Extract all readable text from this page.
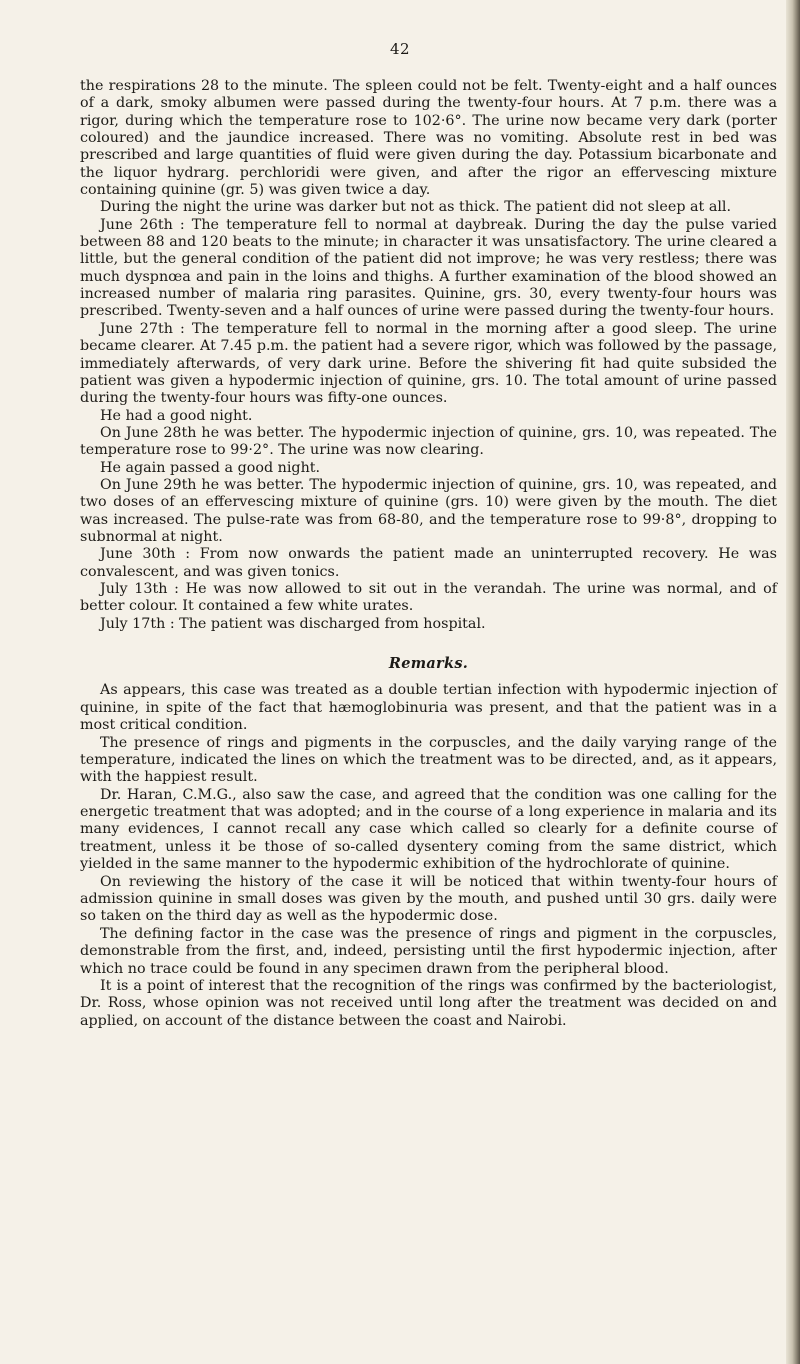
42

the respirations 28 to the minute. The spleen could not be felt. Twenty-eight and a half ounces of a dark, smoky albumen were passed during the twenty-four hours. At 7 p.m. there was a rigor, during which the temperature rose to 102·6°. The urine now became very dark (porter coloured) and the jaundice increased. There was no vomiting. Absolute rest in bed was prescribed and large quantities of fluid were given during the day. Potassium bicarbonate and the liquor hydrarg. perchloridi were given, and after the rigor an effervescing mixture containing quinine (gr. 5) was given twice a day.

During the night the urine was darker but not as thick. The patient did not sleep at all.

June 26th : The temperature fell to normal at daybreak. During the day the pulse varied between 88 and 120 beats to the minute; in character it was unsatisfactory. The urine cleared a little, but the general condition of the patient did not improve; he was very restless; there was much dyspnœa and pain in the loins and thighs. A further examination of the blood showed an increased number of malaria ring parasites. Quinine, grs. 30, every twenty-four hours was prescribed. Twenty-seven and a half ounces of urine were passed during the twenty-four hours.

June 27th : The temperature fell to normal in the morning after a good sleep. The urine became clearer. At 7.45 p.m. the patient had a severe rigor, which was followed by the passage, immediately afterwards, of very dark urine. Before the shivering fit had quite subsided the patient was given a hypodermic injection of quinine, grs. 10. The total amount of urine passed during the twenty-four hours was fifty-one ounces.

He had a good night.

On June 28th he was better. The hypodermic injection of quinine, grs. 10, was repeated. The temperature rose to 99·2°. The urine was now clearing.

He again passed a good night.

On June 29th he was better. The hypodermic injection of quinine, grs. 10, was repeated, and two doses of an effervescing mixture of quinine (grs. 10) were given by the mouth. The diet was increased. The pulse-rate was from 68-80, and the temperature rose to 99·8°, dropping to subnormal at night.

June 30th : From now onwards the patient made an uninterrupted recovery. He was convalescent, and was given tonics.

July 13th : He was now allowed to sit out in the verandah. The urine was normal, and of better colour. It contained a few white urates.

July 17th : The patient was discharged from hospital.

Remarks.

As appears, this case was treated as a double tertian infection with hypodermic injection of quinine, in spite of the fact that hæmoglobinuria was present, and that the patient was in a most critical condition.

The presence of rings and pigments in the corpuscles, and the daily varying range of the temperature, indicated the lines on which the treatment was to be directed, and, as it appears, with the happiest result.

Dr. Haran, C.M.G., also saw the case, and agreed that the condition was one calling for the energetic treatment that was adopted; and in the course of a long experience in malaria and its many evidences, I cannot recall any case which called so clearly for a definite course of treatment, unless it be those of so-called dysentery coming from the same district, which yielded in the same manner to the hypodermic exhibition of the hydrochlorate of quinine.

On reviewing the history of the case it will be noticed that within twenty-four hours of admission quinine in small doses was given by the mouth, and pushed until 30 grs. daily were so taken on the third day as well as the hypodermic dose.

The defining factor in the case was the presence of rings and pigment in the corpuscles, demonstrable from the first, and, indeed, persisting until the first hypodermic injection, after which no trace could be found in any specimen drawn from the peripheral blood.

It is a point of interest that the recognition of the rings was confirmed by the bacteriologist, Dr. Ross, whose opinion was not received until long after the treatment was decided on and applied, on account of the distance between the coast and Nairobi.
